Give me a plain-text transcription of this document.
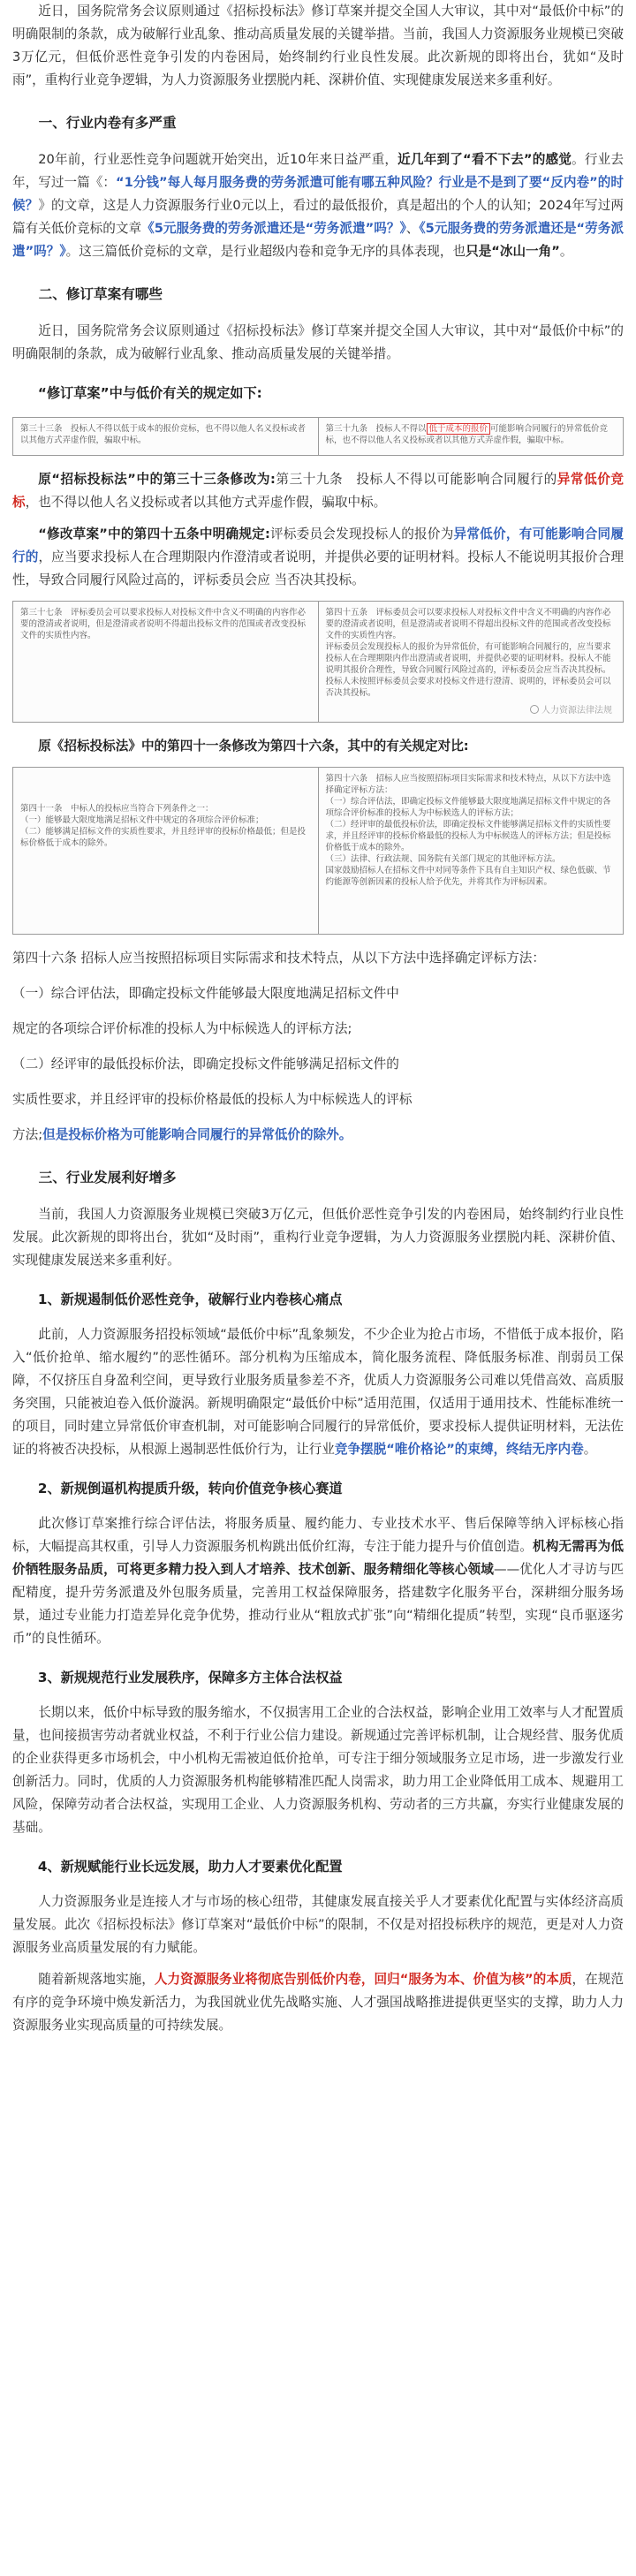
近日，国务院常务会议原则通过《招标投标法》修订草案并提交全国人大审议，其中对“最低价中标”的明确限制的条款，成为破解行业乱象、推动高质量发展的关键举措。当前，我国人力资源服务业规模已突破3万亿元，但低价恶性竞争引发的内卷困局，始终制约行业良性发展。此次新规的即将出台，犹如“及时雨”，重构行业竞争逻辑，为人力资源服务业摆脱内耗、深耕价值、实现健康发展送来多重利好。

一、行业内卷有多严重

20年前，行业恶性竞争问题就开始突出，近10年来日益严重，近几年到了“看不下去”的感觉。行业去年，写过一篇《：“1分钱”每人每月服务费的劳务派遣可能有哪五种风险？行业是不是到了要“反内卷”的时候？》的文章，这是人力资源服务行业0元以上，看过的最低报价，真是超出的个人的认知；2024年写过两篇有关低价竞标的文章《5元服务费的劳务派遣还是“劳务派遣”吗？》、《5元服务费的劳务派遣还是“劳务派遣”吗？》。这三篇低价竞标的文章，是行业超级内卷和竞争无序的具体表现，也只是“冰山一角”。

二、修订草案有哪些

近日，国务院常务会议原则通过《招标投标法》修订草案并提交全国人大审议，其中对“最低价中标”的明确限制的条款，成为破解行业乱象、推动高质量发展的关键举措。

“修订草案”中与低价有关的规定如下:
第三十三条　投标人不得以低于成本的报价竞标，也不得以他人名义投标或者以其他方式弄虚作假，骗取中标。
第三十九条　投标人不得以 低于成本的报价 可能影响合同履行的异常低价竞标，也不得以他人名义投标或者以其他方式弄虚作假，骗取中标。

原“招标投标法”中的第三十三条修改为:第三十九条　投标人不得以可能影响合同履行的异常低价竞标，也不得以他人名义投标或者以其他方式弄虚作假，骗取中标。

“修改草案”中的第四十五条中明确规定:评标委员会发现投标人的报价为异常低价，有可能影响合同履行的，应当要求投标人在合理期限内作澄清或者说明，并提供必要的证明材料。投标人不能说明其报价合理性，导致合同履行风险过高的，评标委员会应 当否决其投标。

第三十七条　评标委员会可以要求投标人对投标文件中含义不明确的内容作必要的澄清或者说明，但是澄清或者说明不得超出投标文件的范围或者改变投标文件的实质性内容。
第四十五条　评标委员会可以要求投标人对投标文件中含义不明确的内容作必要的澄清或者说明，但是澄清或者说明不得超出投标文件的范围或者改变投标文件的实质性内容。
评标委员会发现投标人的报价为异常低价，有可能影响合同履行的，应当要求投标人在合理期限内作出澄清或者说明，并提供必要的证明材料。投标人不能说明其报价合理性，导致合同履行风险过高的，评标委员会应当否决其投标。
投标人未按照评标委员会要求对投标文件进行澄清、说明的，评标委员会可以否决其投标。
人力资源法律法规

原《招标投标法》中的第四十一条修改为第四十六条，其中的有关规定对比:

第四十一条　中标人的投标应当符合下列条件之一：
（一）能够最大限度地满足招标文件中规定的各项综合评价标准；
（二）能够满足招标文件的实质性要求，并且经评审的投标价格最低；但是投标价格低于成本的除外。
第四十六条　招标人应当按照招标项目实际需求和技术特点，从以下方法中选择确定评标方法：
（一）综合评估法，即确定投标文件能够最大限度地满足招标文件中规定的各项综合评价标准的投标人为中标候选人的评标方法；
（二）经评审的最低投标价法，即确定投标文件能够满足招标文件的实质性要求，并且经评审的投标价格最低的投标人为中标候选人的评标方法；但是投标价格低于成本的除外。
（三）法律、行政法规、国务院有关部门规定的其他评标方法。
国家鼓励招标人在招标文件中对同等条件下具有自主知识产权、绿色低碳、节约能源等创新因素的投标人给予优先，并将其作为评标因素。

第四十六条 招标人应当按照招标项目实际需求和技术特点，从以下方法中选择确定评标方法：

（一）综合评估法，即确定投标文件能够最大限度地满足招标文件中

规定的各项综合评价标准的投标人为中标候选人的评标方法;

（二）经评审的最低投标价法，即确定投标文件能够满足招标文件的

实质性要求，并且经评审的投标价格最低的投标人为中标候选人的评标

方法;但是投标价格为可能影响合同履行的异常低价的除外。

三、行业发展利好增多

当前，我国人力资源服务业规模已突破3万亿元，但低价恶性竞争引发的内卷困局，始终制约行业良性发展。此次新规的即将出台，犹如“及时雨”，重构行业竞争逻辑，为人力资源服务业摆脱内耗、深耕价值、实现健康发展送来多重利好。

1、新规遏制低价恶性竞争，破解行业内卷核心痛点

此前，人力资源服务招投标领域“最低价中标”乱象频发，不少企业为抢占市场，不惜低于成本报价，陷入“低价抢单、缩水履约”的恶性循环。部分机构为压缩成本，简化服务流程、降低服务标准、削弱员工保障，不仅挤压自身盈利空间，更导致行业服务质量参差不齐，优质人力资源服务公司难以凭借高效、高质服务突围，只能被迫卷入低价漩涡。新规明确限定“最低价中标”适用范围，仅适用于通用技术、性能标准统一的项目，同时建立异常低价审查机制，对可能影响合同履行的异常低价，要求投标人提供证明材料，无法佐证的将被否决投标，从根源上遏制恶性低价行为，让行业竞争摆脱“唯价格论”的束缚，终结无序内卷。

2、新规倒逼机构提质升级，转向价值竞争核心赛道

此次修订草案推行综合评估法，将服务质量、履约能力、专业技术水平、售后保障等纳入评标核心指标，大幅提高其权重，引导人力资源服务机构跳出低价红海，专注于能力提升与价值创造。机构无需再为低价牺牲服务品质，可将更多精力投入到人才培养、技术创新、服务精细化等核心领域——优化人才寻访与匹配精度，提升劳务派遣及外包服务质量，完善用工权益保障服务，搭建数字化服务平台，深耕细分服务场景，通过专业能力打造差异化竞争优势，推动行业从“粗放式扩张”向“精细化提质”转型，实现“良币驱逐劣币”的良性循环。

3、新规规范行业发展秩序，保障多方主体合法权益

长期以来，低价中标导致的服务缩水，不仅损害用工企业的合法权益，影响企业用工效率与人才配置质量，也间接损害劳动者就业权益，不利于行业公信力建设。新规通过完善评标机制，让合规经营、服务优质的企业获得更多市场机会，中小机构无需被迫低价抢单，可专注于细分领域服务立足市场，进一步激发行业创新活力。同时，优质的人力资源服务机构能够精准匹配人岗需求，助力用工企业降低用工成本、规避用工风险，保障劳动者合法权益，实现用工企业、人力资源服务机构、劳动者的三方共赢，夯实行业健康发展的基础。

4、新规赋能行业长远发展，助力人才要素优化配置

人力资源服务业是连接人才与市场的核心纽带，其健康发展直接关乎人才要素优化配置与实体经济高质量发展。此次《招标投标法》修订草案对“最低价中标”的限制，不仅是对招投标秩序的规范，更是对人力资源服务业高质量发展的有力赋能。

随着新规落地实施，人力资源服务业将彻底告别低价内卷，回归“服务为本、价值为核”的本质，在规范有序的竞争环境中焕发新活力，为我国就业优先战略实施、人才强国战略推进提供更坚实的支撑，助力人力资源服务业实现高质量的可持续发展。
